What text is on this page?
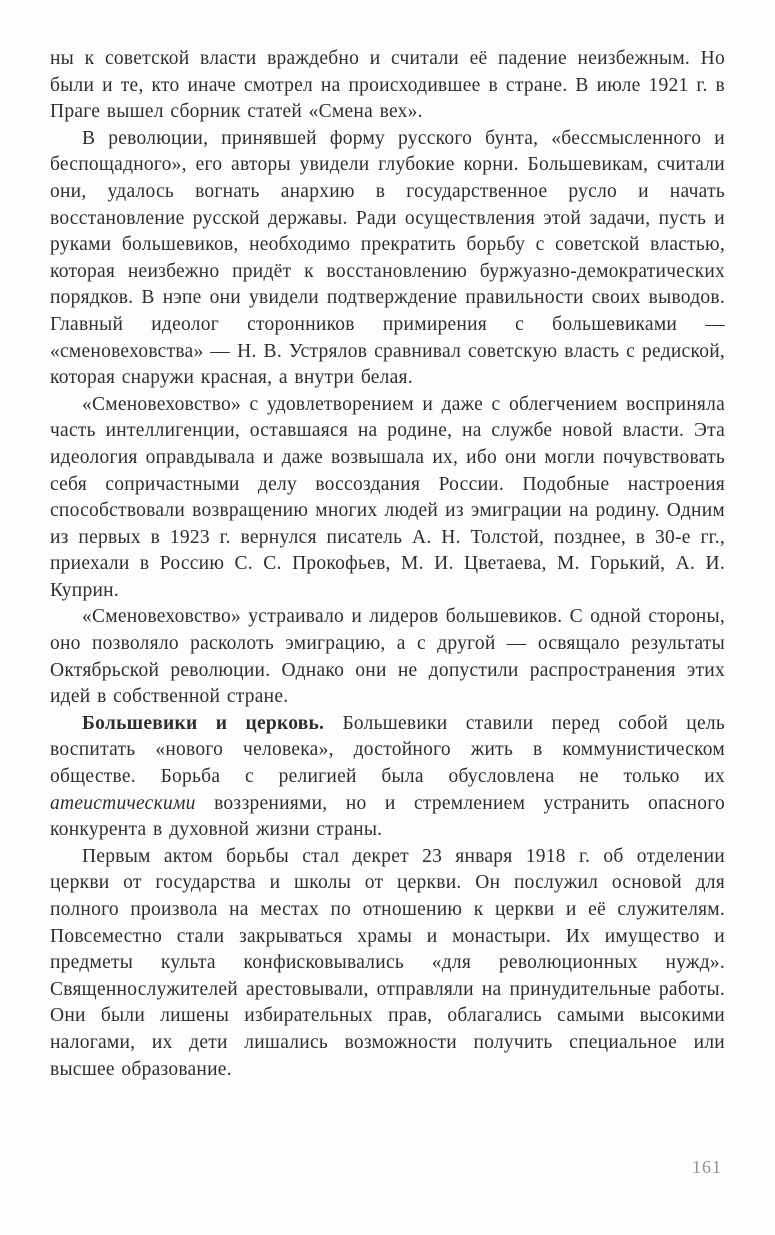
ны к советской власти враждебно и считали её падение неизбежным. Но были и те, кто иначе смотрел на происходившее в стране. В июле 1921 г. в Праге вышел сборник статей «Смена вех».

В революции, принявшей форму русского бунта, «бессмысленного и беспощадного», его авторы увидели глубокие корни. Большевикам, считали они, удалось вогнать анархию в государственное русло и начать восстановление русской державы. Ради осуществления этой задачи, пусть и руками большевиков, необходимо прекратить борьбу с советской властью, которая неизбежно придёт к восстановлению буржуазно-демократических порядков. В нэпе они увидели подтверждение правильности своих выводов. Главный идеолог сторонников примирения с большевиками — «сменовеховства» — Н. В. Устрялов сравнивал советскую власть с редиской, которая снаружи красная, а внутри белая.

«Сменовеховство» с удовлетворением и даже с облегчением восприняла часть интеллигенции, оставшаяся на родине, на службе новой власти. Эта идеология оправдывала и даже возвышала их, ибо они могли почувствовать себя сопричастными делу воссоздания России. Подобные настроения способствовали возвращению многих людей из эмиграции на родину. Одним из первых в 1923 г. вернулся писатель А. Н. Толстой, позднее, в 30-е гг., приехали в Россию С. С. Прокофьев, М. И. Цветаева, М. Горький, А. И. Куприн.

«Сменовеховство» устраивало и лидеров большевиков. С одной стороны, оно позволяло расколоть эмиграцию, а с другой — освящало результаты Октябрьской революции. Однако они не допустили распространения этих идей в собственной стране.

Большевики и церковь. Большевики ставили перед собой цель воспитать «нового человека», достойного жить в коммунистическом обществе. Борьба с религией была обусловлена не только их атеистическими воззрениями, но и стремлением устранить опасного конкурента в духовной жизни страны.

Первым актом борьбы стал декрет 23 января 1918 г. об отделении церкви от государства и школы от церкви. Он послужил основой для полного произвола на местах по отношению к церкви и её служителям. Повсеместно стали закрываться храмы и монастыри. Их имущество и предметы культа конфисковывались «для революционных нужд». Священнослужителей арестовывали, отправляли на принудительные работы. Они были лишены избирательных прав, облагались самыми высокими налогами, их дети лишались возможности получить специальное или высшее образование.

161
